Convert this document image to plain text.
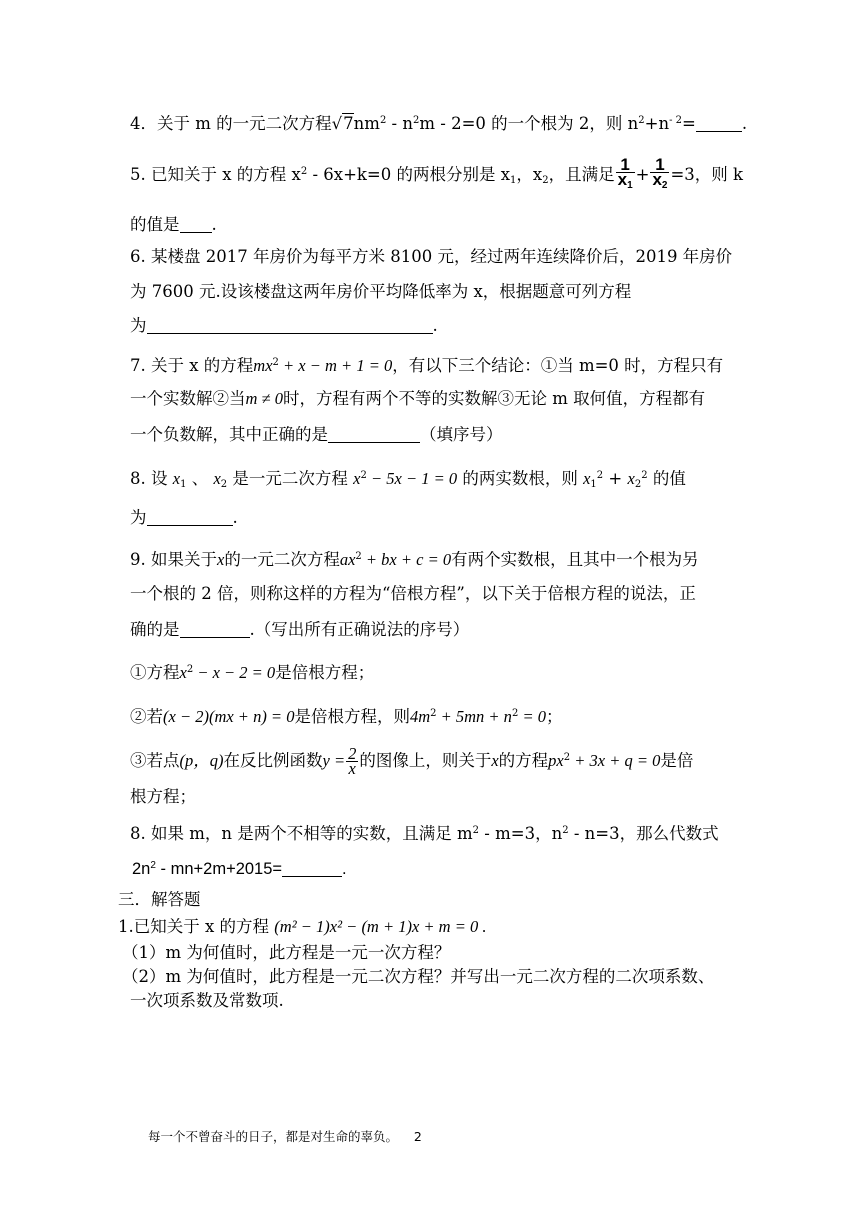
4．关于 m 的一元二次方程$√7nm^2 - n^2m - 2=0$ 的一个根为 2，则 $n^2+n^{- 2}=$	.
5. 已知关于 x 的方程 $x^2 - 6x+k=0$ 的两根分别是 $x_1$，$x_2$，且满足 $\frac{1}{x_1} + \frac{1}{x_2} =3$，则 k
的值是 .
6. 某楼盘 2017 年房价为每平方米 8100 元，经过两年连续降价后，2019 年房价
为 7600 元.设该楼盘这两年房价平均降低率为 x，根据题意可列方程
为	.
7. 关于 x 的方程$mx^2 + x - m + 1 = 0$，有以下三个结论：①当 m=0 时，方程只有
一个实数解②当m ≠ 0时，方程有两个不等的实数解③无论 m 取何值，方程都有
一个负数解，其中正确的是	（填序号）
8. 设 $x_1$ 、 $x_2$ 是一元二次方程 $x^2 - 5x - 1 = 0$ 的两实数根，则 $x_1^2 + x_2^2$ 的值
为	.
9. 如果关于x的一元二次方程$ax^2$ + bx + c = 0有两个实数根，且其中一个根为另
一个根的 2 倍，则称这样的方程为“倍根方程”，以下关于倍根方程的说法，正
确的是	.（写出所有正确说法的序号）
①方程$x^2 - x - 2 = 0$是倍根方程；
②若(x − 2)(mx + n) = 0是倍根方程，则$4m^2 + 5mn + n^2 = 0$；
③若点(p，q)在反比例函数$y = \frac{2}{x}$ 的图像上，则关于x的方程$px^2 + 3x + q = 0$是倍
根方程；
8. 如果 m，n 是两个不相等的实数，且满足 $m^2 - m=3$，$n^2 - n=3$，那么代数式
$2n^2 - mn+2m+2015=$	.
三．解答题
1.已知关于 x 的方程 (m² − 1)x² − (m + 1)x + m = 0 .
（1）m 为何值时，此方程是一元一次方程？
（2）m 为何值时，此方程是一元二次方程？并写出一元二次方程的二次项系数、
一次项系数及常数项.
每一个不曾奋斗的日子，都是对生命的辜负。 2
